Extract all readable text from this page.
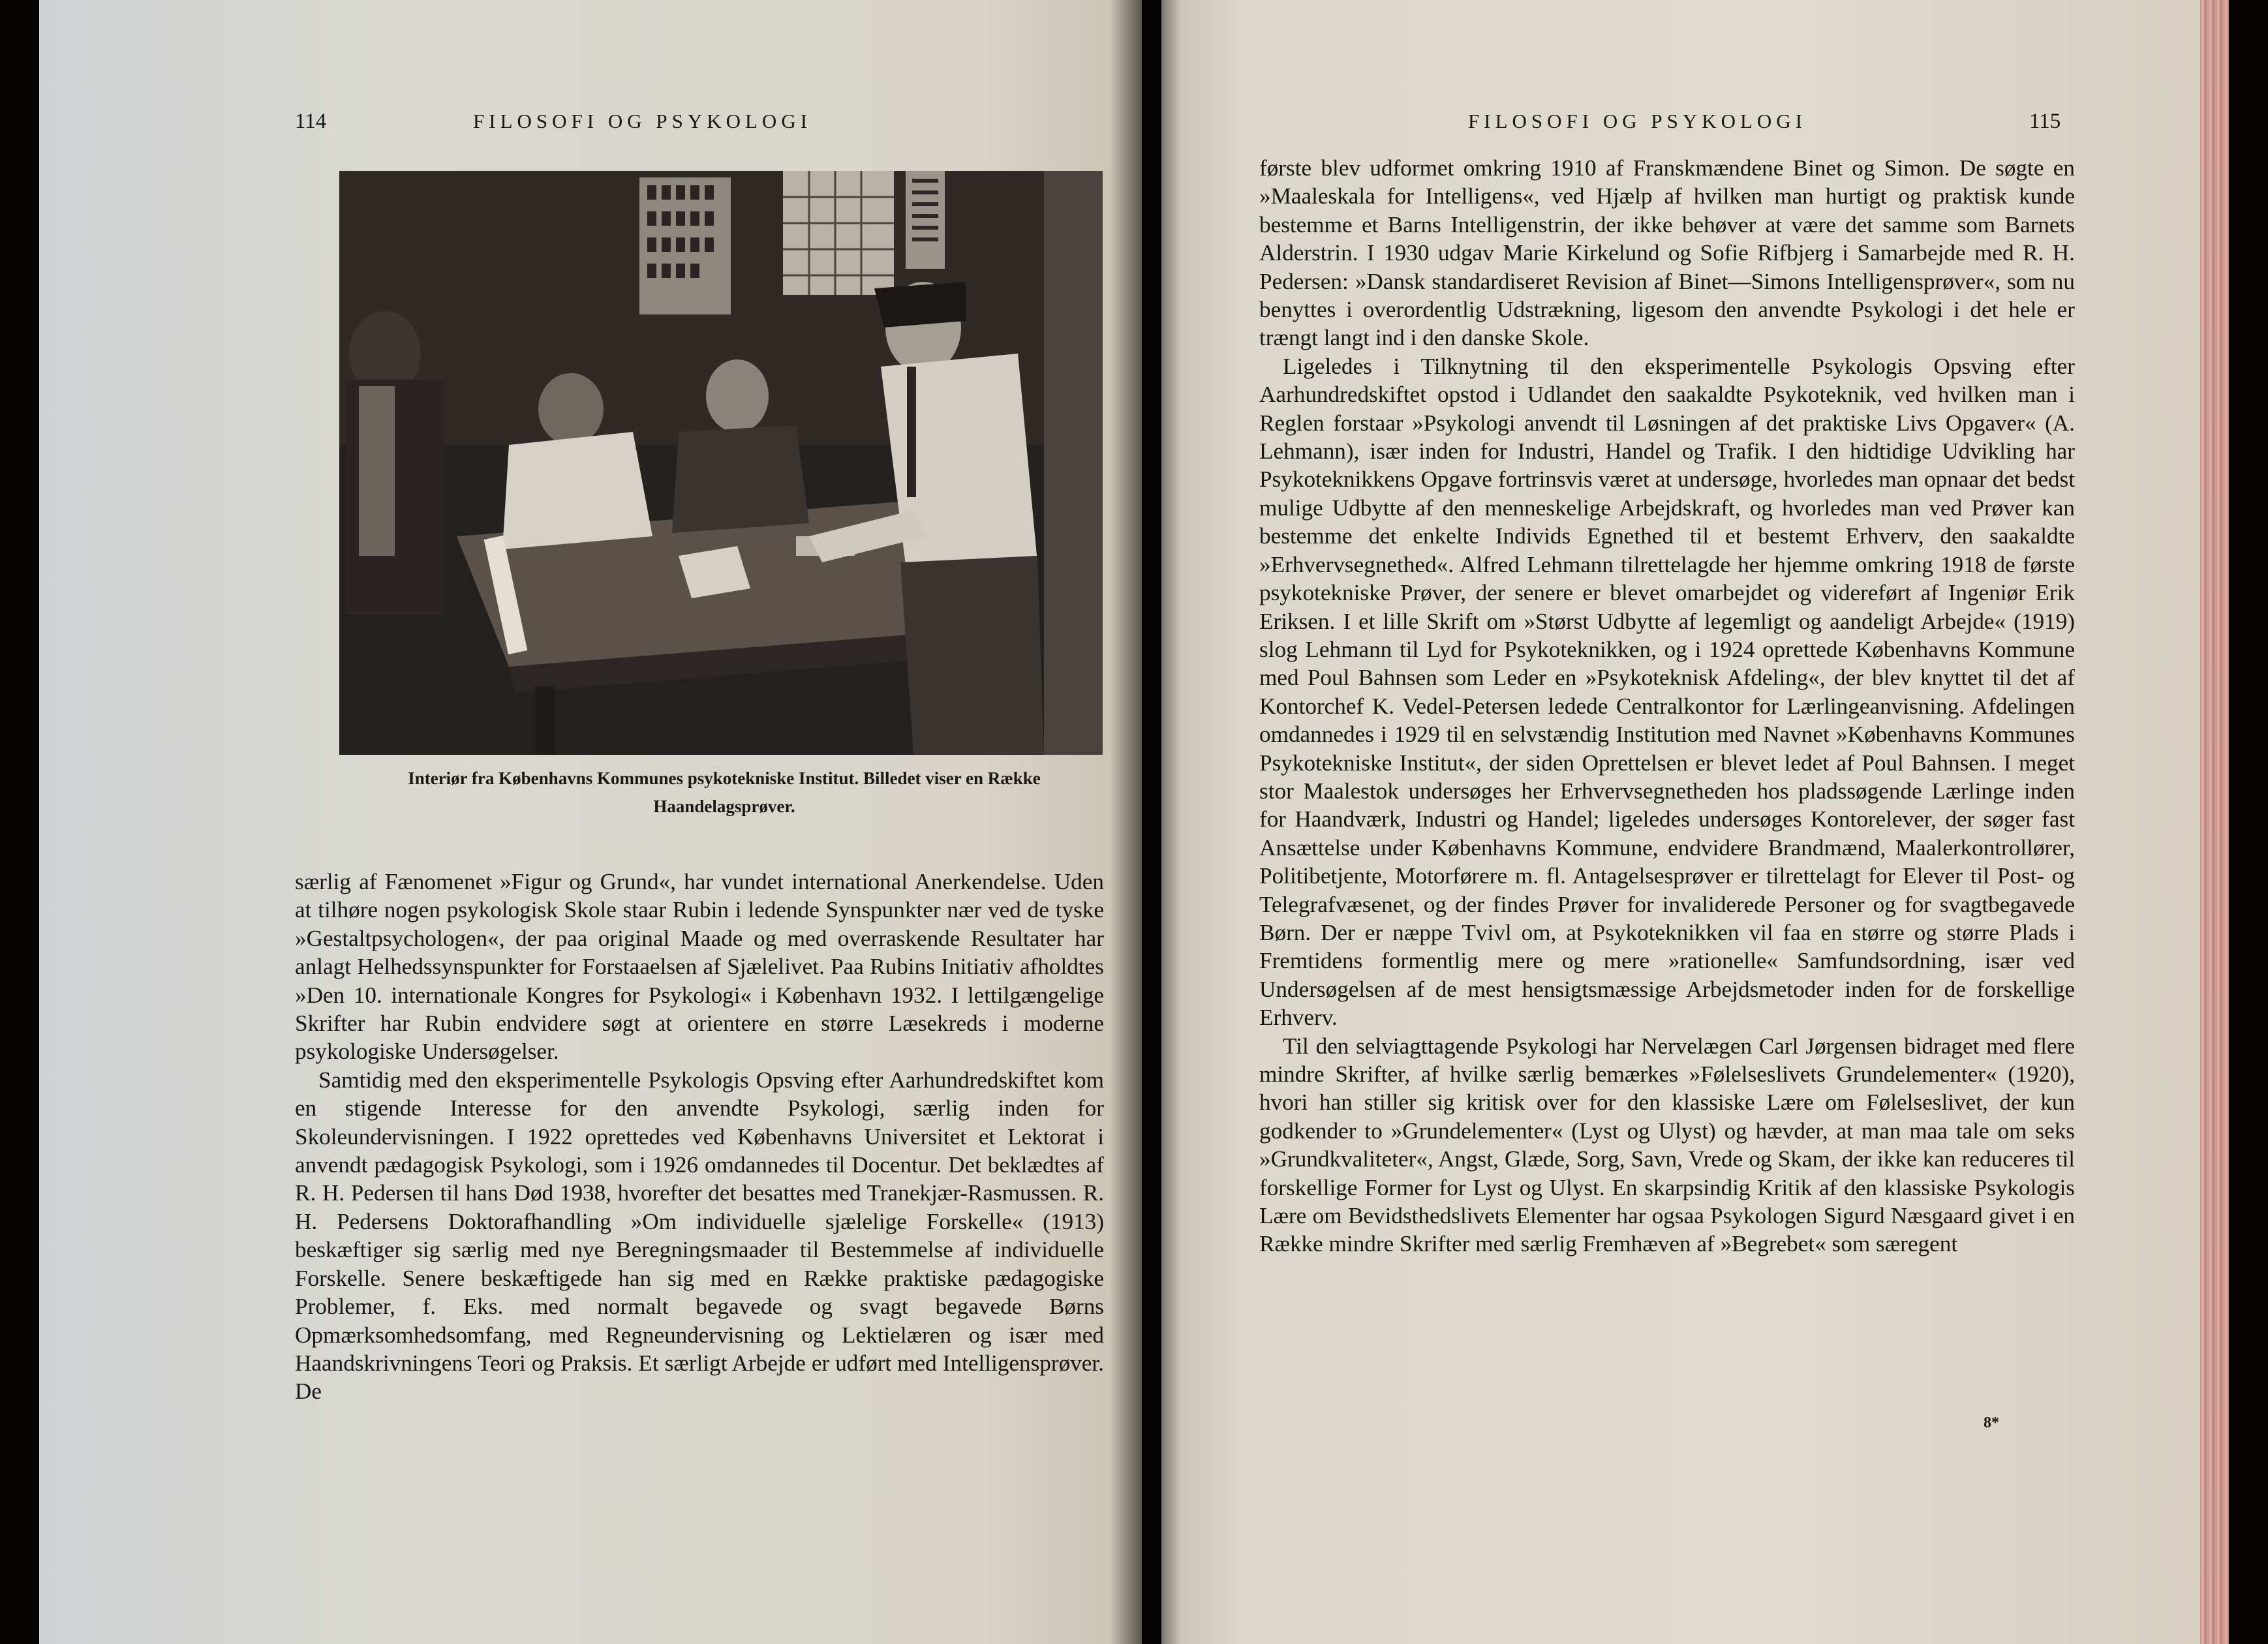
114	FILOSOFI OG PSYKOLOGI
Interiør fra Københavns Kommunes psykotekniske Institut. Billedet viser en Række Haandelagsprøver.

særlig af Fænomenet »Figur og Grund«, har vundet international Anerkendelse. Uden at tilhøre nogen psykologisk Skole staar Rubin i ledende Synspunkter nær ved de tyske »Gestaltpsychologen«, der paa original Maade og med overraskende Resultater har anlagt Helhedssynspunkter for Forstaaelsen af Sjælelivet. Paa Rubins Initiativ afholdtes »Den 10. internationale Kongres for Psykologi« i København 1932. I lettilgængelige Skrifter har Rubin endvidere søgt at orientere en større Læsekreds i moderne psykologiske Undersøgelser.

Samtidig med den eksperimentelle Psykologis Opsving efter Aarhundredskiftet kom en stigende Interesse for den anvendte Psykologi, særlig inden for Skoleundervisningen. I 1922 oprettedes ved Københavns Universitet et Lektorat i anvendt pædagogisk Psykologi, som i 1926 omdannedes til Docentur. Det beklædtes af R. H. Pedersen til hans Død 1938, hvorefter det besattes med Tranekjær-Rasmussen. R. H. Pedersens Doktorafhandling »Om individuelle sjælelige Forskelle« (1913) beskæftiger sig særlig med nye Beregningsmaader til Bestemmelse af individuelle Forskelle. Senere beskæftigede han sig med en Række praktiske pædagogiske Problemer, f. Eks. med normalt begavede og svagt begavede Børns Opmærksomhedsomfang, med Regneundervisning og Lektielæren og især med Haandskrivningens Teori og Praksis. Et særligt Arbejde er udført med Intelligensprøver. De

FILOSOFI OG PSYKOLOGI	115

første blev udformet omkring 1910 af Franskmændene Binet og Simon. De søgte en »Maaleskala for Intelligens«, ved Hjælp af hvilken man hurtigt og praktisk kunde bestemme et Barns Intelligenstrin, der ikke behøver at være det samme som Barnets Alderstrin. I 1930 udgav Marie Kirkelund og Sofie Rifbjerg i Samarbejde med R. H. Pedersen: »Dansk standardiseret Revision af Binet—Simons Intelligensprøver«, som nu benyttes i overordentlig Udstrækning, ligesom den anvendte Psykologi i det hele er trængt langt ind i den danske Skole.

Ligeledes i Tilknytning til den eksperimentelle Psykologis Opsving efter Aarhundredskiftet opstod i Udlandet den saakaldte Psykoteknik, ved hvilken man i Reglen forstaar »Psykologi anvendt til Løsningen af det praktiske Livs Opgaver« (A. Lehmann), især inden for Industri, Handel og Trafik. I den hidtidige Udvikling har Psykoteknikkens Opgave fortrinsvis været at undersøge, hvorledes man opnaar det bedst mulige Udbytte af den menneskelige Arbejdskraft, og hvorledes man ved Prøver kan bestemme det enkelte Individs Egnethed til et bestemt Erhverv, den saakaldte »Erhvervsegnethed«. Alfred Lehmann tilrettelagde her hjemme omkring 1918 de første psykotekniske Prøver, der senere er blevet omarbejdet og videreført af Ingeniør Erik Eriksen. I et lille Skrift om »Størst Udbytte af legemligt og aandeligt Arbejde« (1919) slog Lehmann til Lyd for Psykoteknikken, og i 1924 oprettede Københavns Kommune med Poul Bahnsen som Leder en »Psykoteknisk Afdeling«, der blev knyttet til det af Kontorchef K. Vedel-Petersen ledede Centralkontor for Lærlingeanvisning. Afdelingen omdannedes i 1929 til en selvstændig Institution med Navnet »Københavns Kommunes Psykotekniske Institut«, der siden Oprettelsen er blevet ledet af Poul Bahnsen. I meget stor Maalestok undersøges her Erhvervsegnetheden hos pladssøgende Lærlinge inden for Haandværk, Industri og Handel; ligeledes undersøges Kontorelever, der søger fast Ansættelse under Københavns Kommune, endvidere Brandmænd, Maalerkontrollører, Politibetjente, Motorførere m. fl. Antagelsesprøver er tilrettelagt for Elever til Post- og Telegrafvæsenet, og der findes Prøver for invaliderede Personer og for svagtbegavede Børn. Der er næppe Tvivl om, at Psykoteknikken vil faa en større og større Plads i Fremtidens formentlig mere og mere »rationelle« Samfundsordning, især ved Undersøgelsen af de mest hensigtsmæssige Arbejdsmetoder inden for de forskellige Erhverv.

Til den selviagttagende Psykologi har Nervelægen Carl Jørgensen bidraget med flere mindre Skrifter, af hvilke særlig bemærkes »Følelseslivets Grundelementer« (1920), hvori han stiller sig kritisk over for den klassiske Lære om Følelseslivet, der kun godkender to »Grundelementer« (Lyst og Ulyst) og hævder, at man maa tale om seks »Grundkvaliteter«, Angst, Glæde, Sorg, Savn, Vrede og Skam, der ikke kan reduceres til forskellige Former for Lyst og Ulyst. En skarpsindig Kritik af den klassiske Psykologis Lære om Bevidsthedslivets Elementer har ogsaa Psykologen Sigurd Næsgaard givet i en Række mindre Skrifter med særlig Fremhæven af »Begrebet« som særegent

8*
